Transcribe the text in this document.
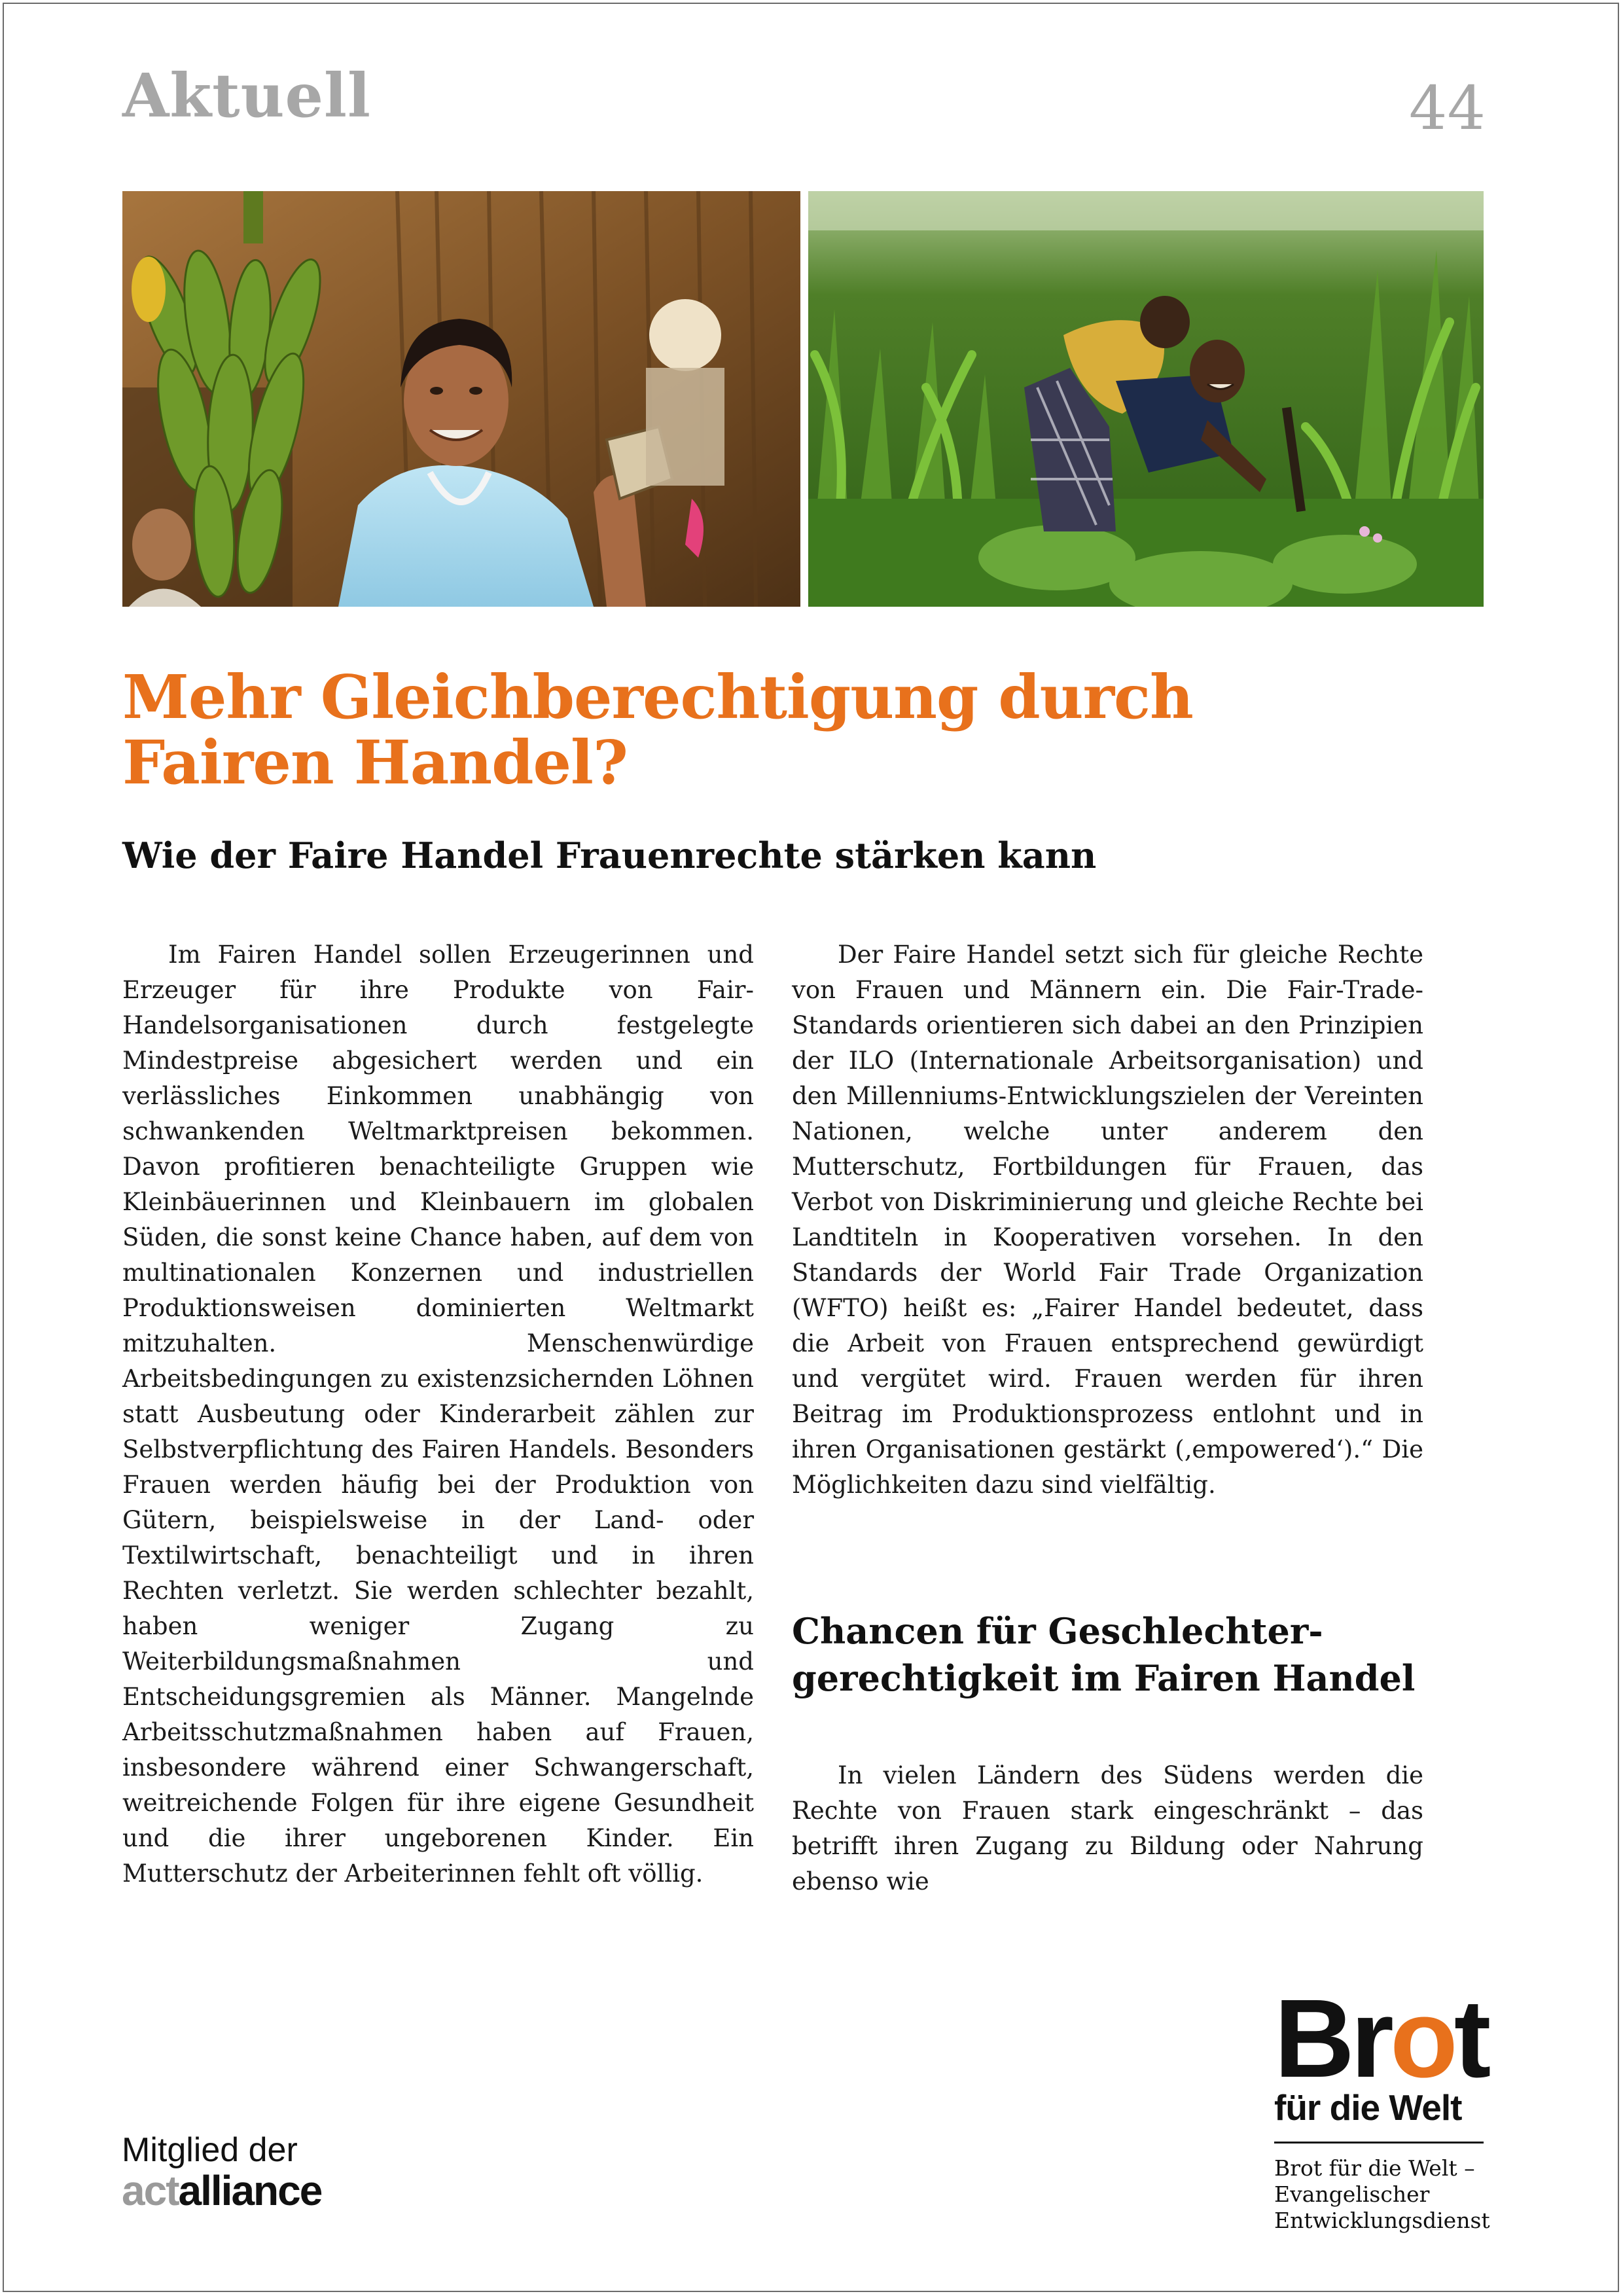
Aktuell	44
Mehr Gleichberechtigung durch
Fairen Handel?
Wie der Faire Handel Frauenrechte stärken kann

Im Fairen Handel sollen Erzeugerinnen und Erzeuger für ihre Produkte von Fair- Handelsorganisationen durch festgelegte Mindestpreise abgesichert werden und ein verlässliches Einkommen unabhängig von schwankenden Weltmarktpreisen bekommen. Davon profitieren benachteiligte Gruppen wie Kleinbäuerinnen und Kleinbauern im globalen Süden, die sonst keine Chance haben, auf dem von multinationalen Konzernen und industriellen Produktionsweisen dominierten Weltmarkt mitzuhalten. Menschenwürdige Arbeitsbedingungen zu existenzsichernden Löhnen statt Ausbeutung oder Kinderarbeit zählen zur Selbstverpflichtung des Fairen Handels. Besonders Frauen werden häufig bei der Produktion von Gütern, beispielsweise in der Land- oder Textilwirtschaft, benachteiligt und in ihren Rechten verletzt. Sie werden schlechter bezahlt, haben weniger Zugang zu Weiterbildungsmaßnahmen und Entscheidungsgremien als Männer. Mangelnde Arbeitsschutzmaßnahmen haben auf Frauen, insbesondere während einer Schwangerschaft, weitreichende Folgen für ihre eigene Gesundheit und die ihrer ungeborenen Kinder. Ein Mutterschutz der Arbeiterinnen fehlt oft völlig.

Der Faire Handel setzt sich für gleiche Rechte von Frauen und Männern ein. Die Fair-Trade-Standards orientieren sich dabei an den Prinzipien der ILO (Internationale Arbeitsorganisation) und den Millenniums-Entwicklungszielen der Vereinten Nationen, welche unter anderem den Mutterschutz, Fortbildungen für Frauen, das Verbot von Diskriminierung und gleiche Rechte bei Landtiteln in Kooperativen vorsehen. In den Standards der World Fair Trade Organization (WFTO) heißt es: „Fairer Handel bedeutet, dass die Arbeit von Frauen entsprechend gewürdigt und vergütet wird. Frauen werden für ihren Beitrag im Produktionsprozess entlohnt und in ihren Organisationen gestärkt (‚empowered‘).“ Die Möglichkeiten dazu sind vielfältig.

Chancen für Geschlechter-
gerechtigkeit im Fairen Handel

In vielen Ländern des Südens werden die Rechte von Frauen stark eingeschränkt – das betrifft ihren Zugang zu Bildung oder Nahrung ebenso wie

Mitglied der
actalliance
Brot
für die Welt
Brot für die Welt –
Evangelischer
Entwicklungsdienst
